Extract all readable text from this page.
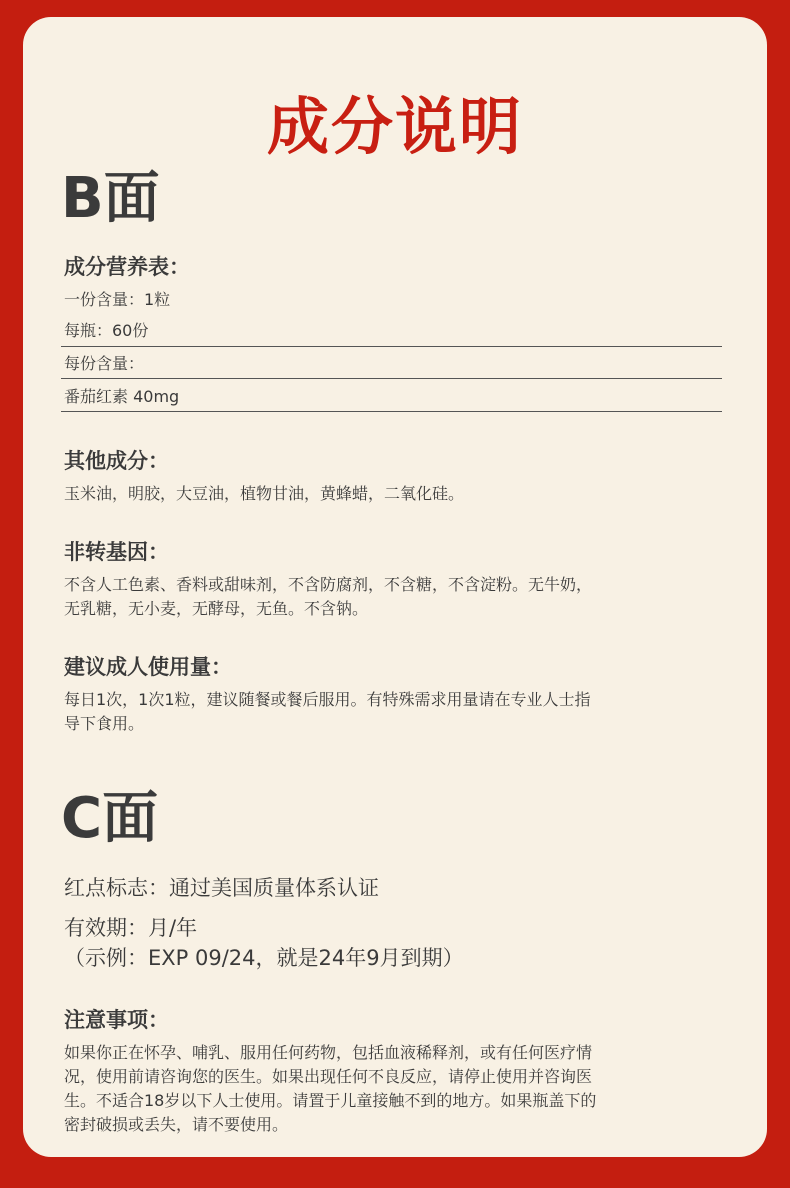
成分说明
B面
成分营养表：

一份含量：1粒

每瓶：60份

每份含量：

番茄红素 40mg

其他成分：

玉米油，明胶，大豆油，植物甘油，黄蜂蜡，二氧化硅。

非转基因：

不含人工色素、香料或甜味剂，不含防腐剂，不含糖，不含淀粉。无牛奶，

无乳糖，无小麦，无酵母，无鱼。不含钠。

建议成人使用量：

每日1次，1次1粒，建议随餐或餐后服用。有特殊需求用量请在专业人士指

导下食用。

C面

红点标志：通过美国质量体系认证

有效期：月/年

（示例：EXP 09/24，就是24年9月到期）

注意事项：

如果你正在怀孕、哺乳、服用任何药物，包括血液稀释剂，或有任何医疗情

况，使用前请咨询您的医生。如果出现任何不良反应，请停止使用并咨询医

生。不适合18岁以下人士使用。请置于儿童接触不到的地方。如果瓶盖下的

密封破损或丢失，请不要使用。
